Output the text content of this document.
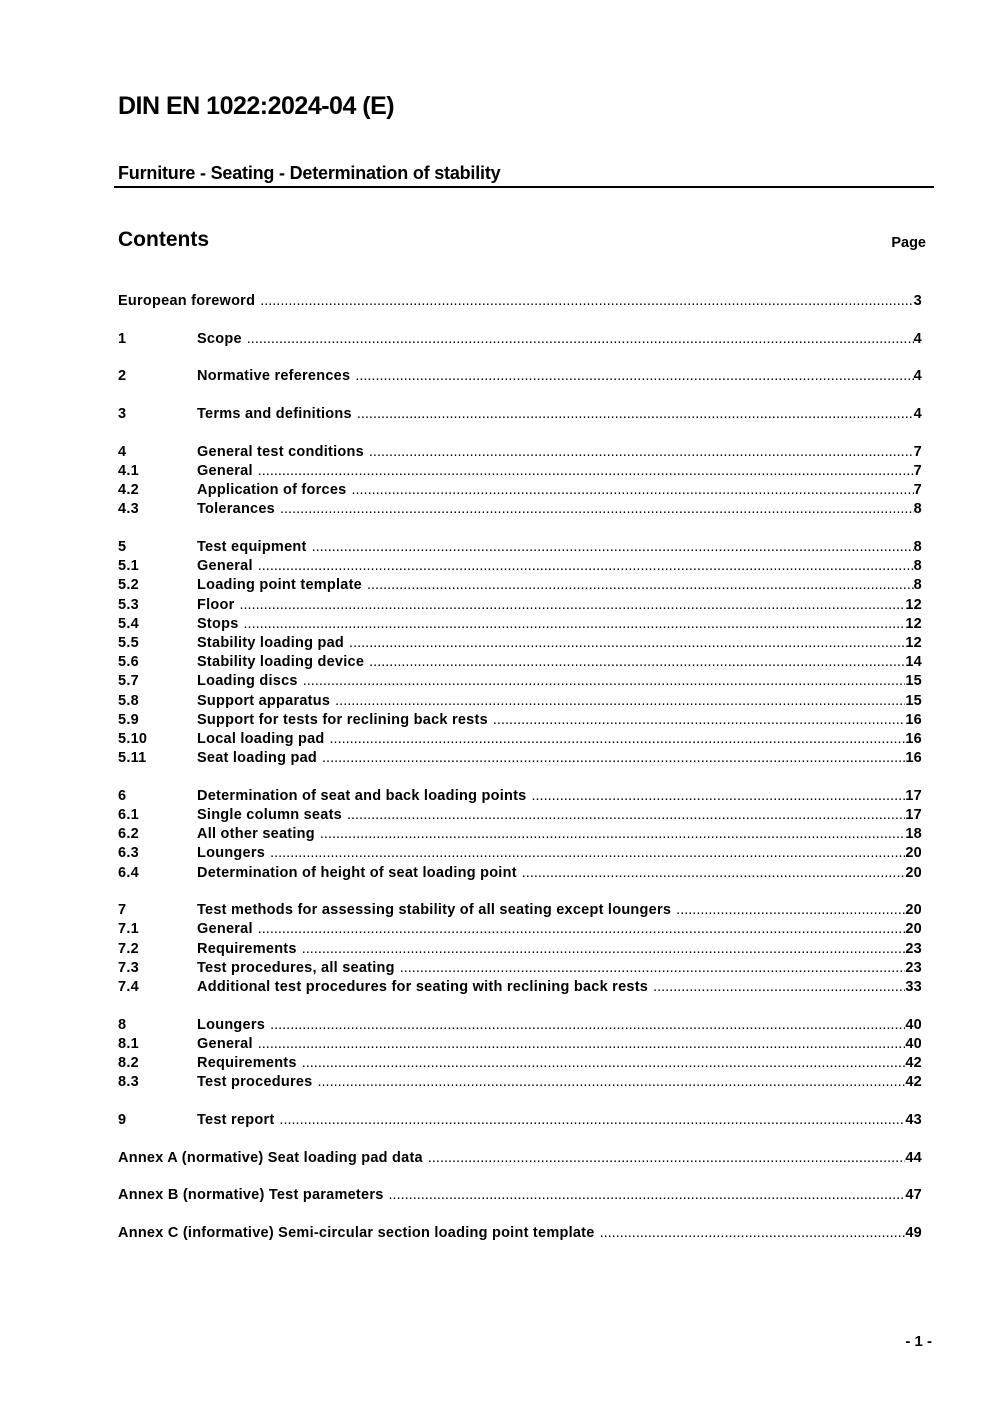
DIN EN 1022:2024-04 (E)
Furniture - Seating - Determination of stability
Contents	Page
European foreword .....	3
1	Scope .....	4
2	Normative references .....	4
3	Terms and definitions .....	4
4	General test conditions .....	7
4.1	General .....	7
4.2	Application of forces .....	7
4.3	Tolerances .....	8
5	Test equipment .....	8
5.1	General .....	8
5.2	Loading point template .....	8
5.3	Floor .....	12
5.4	Stops .....	12
5.5	Stability loading pad .....	12
5.6	Stability loading device .....	14
5.7	Loading discs .....	15
5.8	Support apparatus .....	15
5.9	Support for tests for reclining back rests .....	16
5.10	Local loading pad .....	16
5.11	Seat loading pad .....	16
6	Determination of seat and back loading points .....	17
6.1	Single column seats .....	17
6.2	All other seating .....	18
6.3	Loungers .....	20
6.4	Determination of height of seat loading point .....	20
7	Test methods for assessing stability of all seating except loungers .....	20
7.1	General .....	20
7.2	Requirements .....	23
7.3	Test procedures, all seating .....	23
7.4	Additional test procedures for seating with reclining back rests .....	33
8	Loungers .....	40
8.1	General .....	40
8.2	Requirements .....	42
8.3	Test procedures .....	42
9	Test report .....	43
Annex A (normative) Seat loading pad data .....	44
Annex B (normative) Test parameters .....	47
Annex C (informative) Semi-circular section loading point template .....	49
- 1 -
